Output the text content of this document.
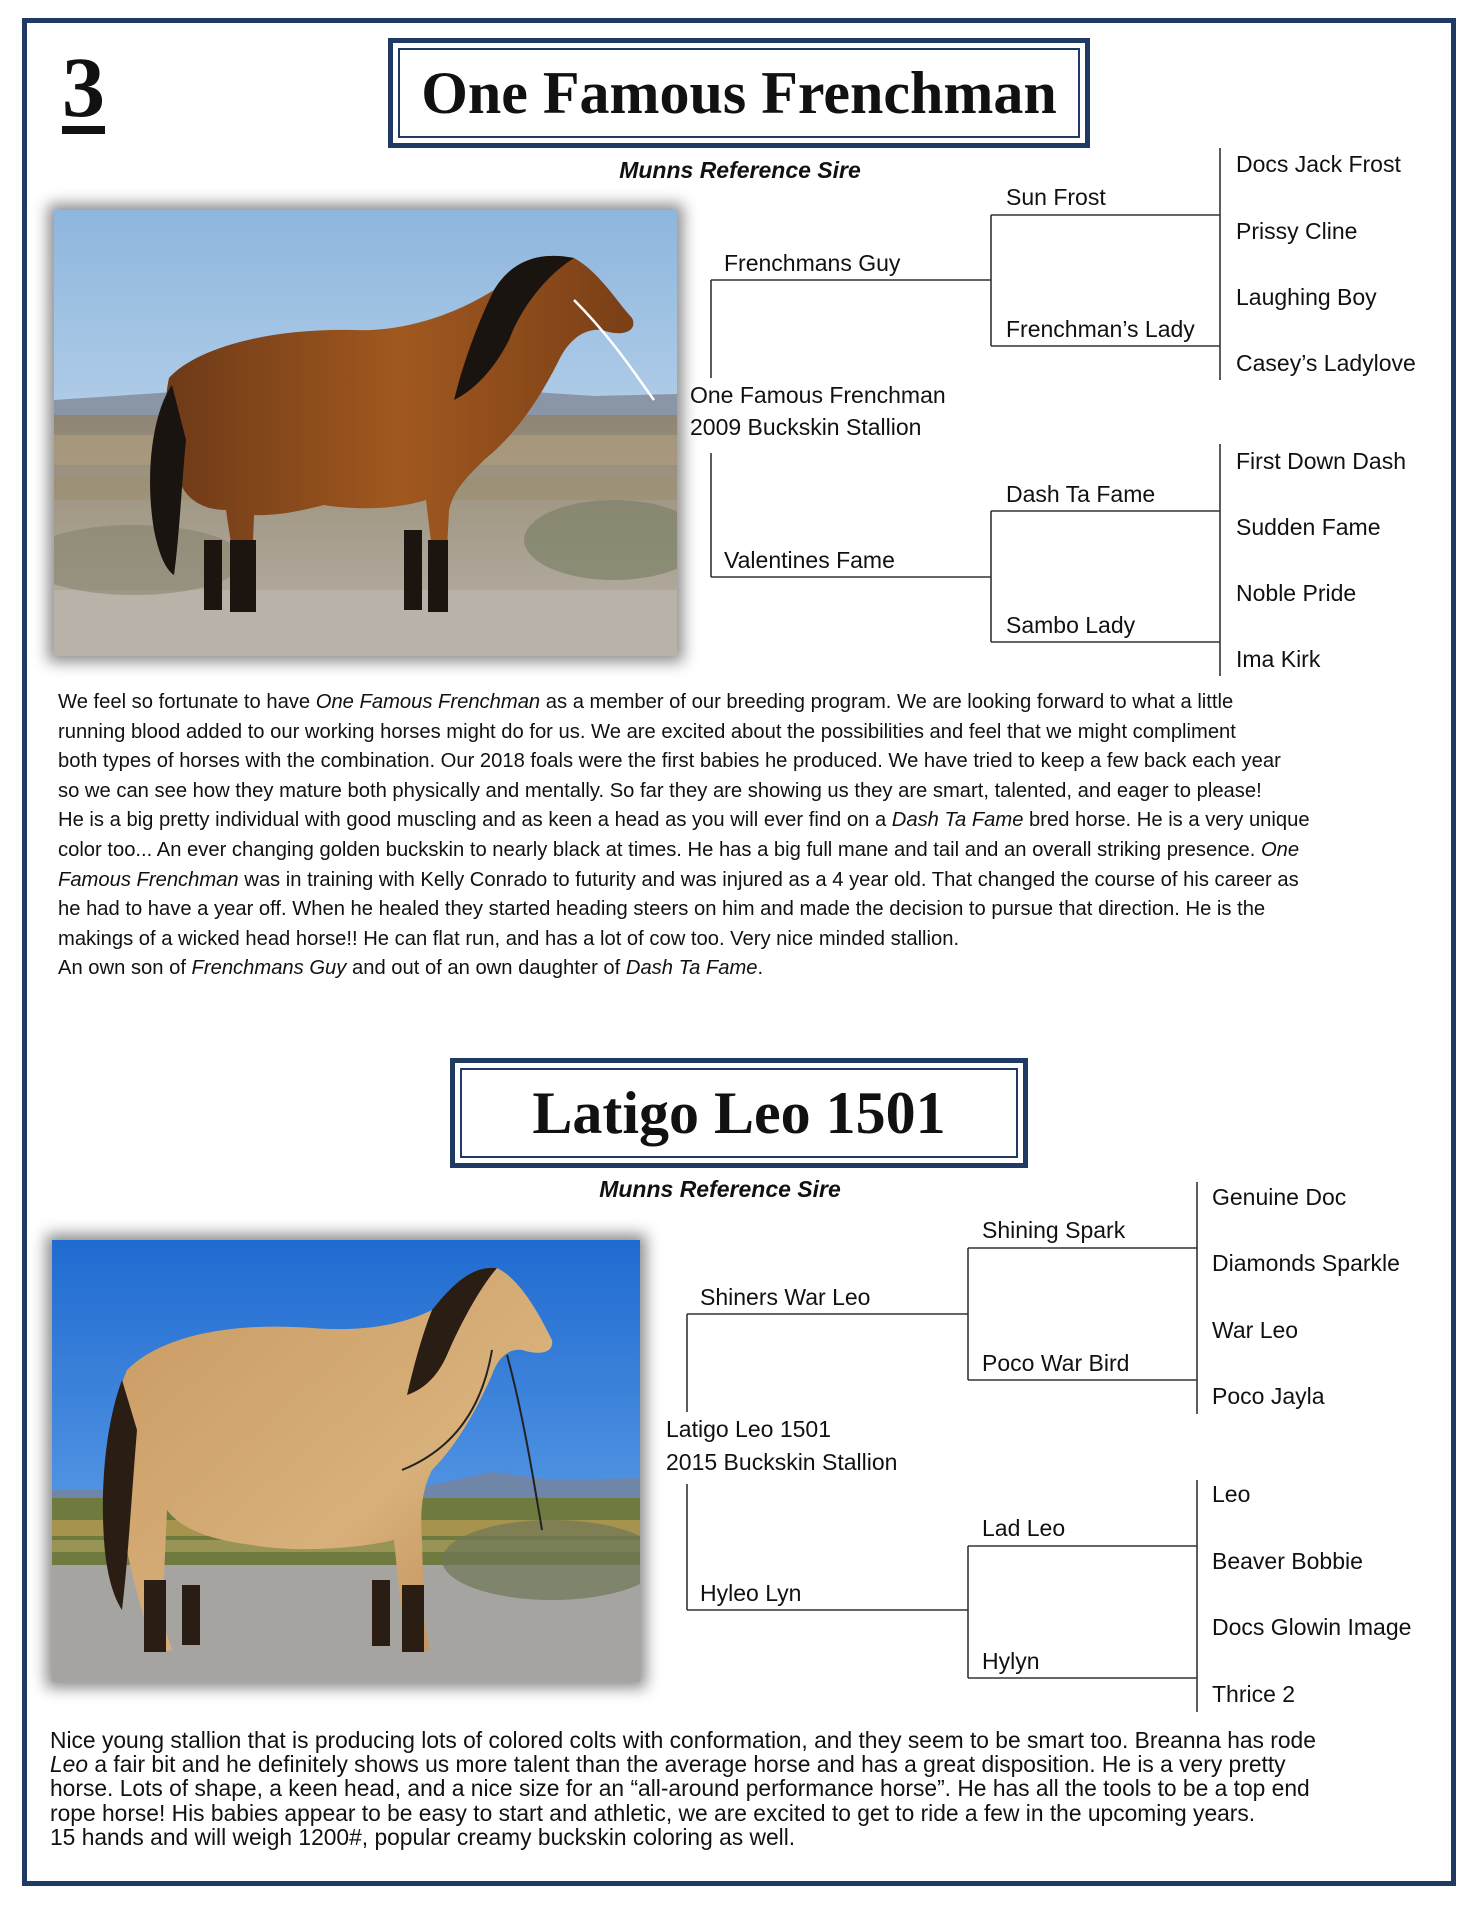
3	One Famous Frenchman
Munns Reference Sire
One Famous Frenchman
2009 Buckskin Stallion
Frenchmans Guy
Valentines Fame
Sun Frost
Frenchman’s Lady
Dash Ta Fame
Sambo Lady
Docs Jack Frost
Prissy Cline
Laughing Boy
Casey’s Ladylove
First Down Dash
Sudden Fame
Noble Pride
Ima Kirk
We feel so fortunate to have One Famous Frenchman as a member of our breeding program. We are looking forward to what a little
running blood added to our working horses might do for us. We are excited about the possibilities and feel that we might compliment
both types of horses with the combination. Our 2018 foals were the first babies he produced. We have tried to keep a few back each year
so we can see how they mature both physically and mentally. So far they are showing us they are smart, talented, and eager to please!
He is a big pretty individual with good muscling and as keen a head as you will ever find on a Dash Ta Fame bred horse. He is a very unique
color too... An ever changing golden buckskin to nearly black at times. He has a big full mane and tail and an overall striking presence. One
Famous Frenchman was in training with Kelly Conrado to futurity and was injured as a 4 year old. That changed the course of his career as
he had to have a year off. When he healed they started heading steers on him and made the decision to pursue that direction. He is the
makings of a wicked head horse!! He can flat run, and has a lot of cow too. Very nice minded stallion.
An own son of Frenchmans Guy and out of an own daughter of Dash Ta Fame.
Latigo Leo 1501
Munns Reference Sire
Latigo Leo 1501
2015 Buckskin Stallion
Shiners War Leo
Hyleo Lyn
Shining Spark
Poco War Bird
Lad Leo
Hylyn
Genuine Doc
Diamonds Sparkle
War Leo
Poco Jayla
Leo
Beaver Bobbie
Docs Glowin Image
Thrice 2
Nice young stallion that is producing lots of colored colts with conformation, and they seem to be smart too. Breanna has rode
Leo a fair bit and he definitely shows us more talent than the average horse and has a great disposition. He is a very pretty
horse. Lots of shape, a keen head, and a nice size for an “all-around performance horse”. He has all the tools to be a top end
rope horse! His babies appear to be easy to start and athletic, we are excited to get to ride a few in the upcoming years.
15 hands and will weigh 1200#, popular creamy buckskin coloring as well.
